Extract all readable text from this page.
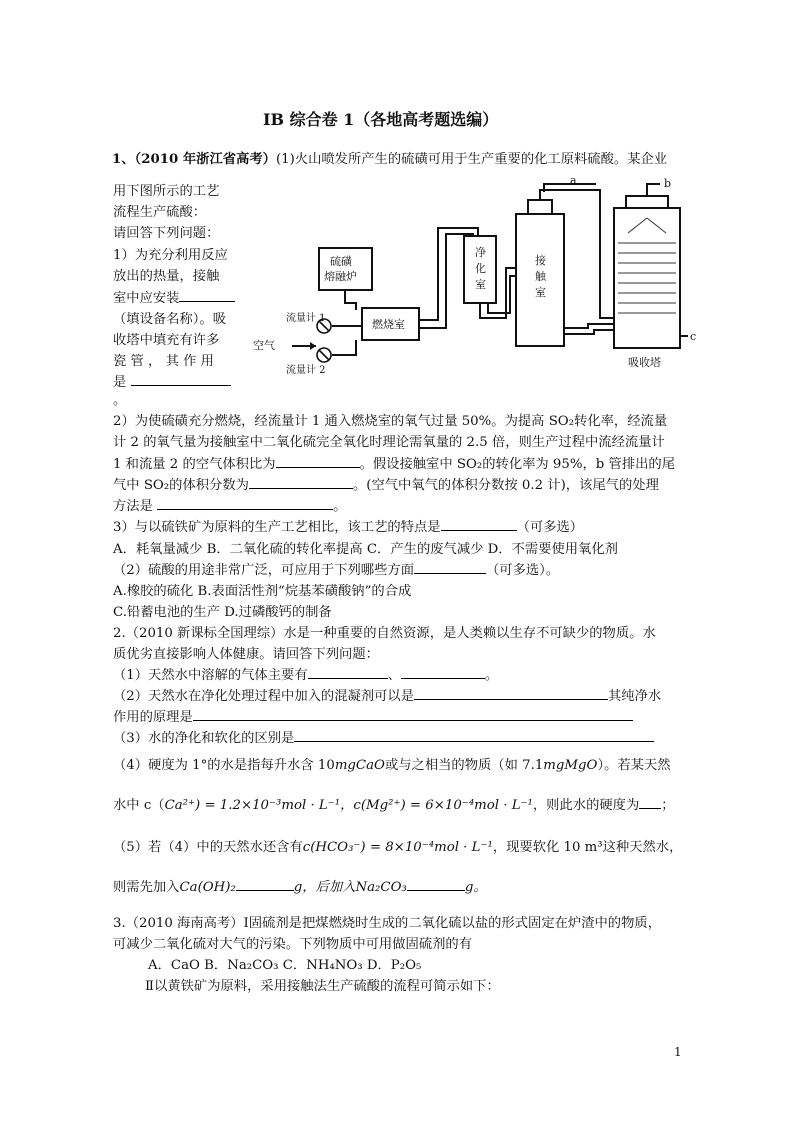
IB 综合卷 1（各地高考题选编）
1、（2010 年浙江省高考）(1)火山喷发所产生的硫磺可用于生产重要的化工原料硫酸。某企业
用下图所示的工艺
流程生产硫酸：
请回答下列问题：
1）为充分利用反应
放出的热量，接触
室中应安装
（填设备名称）。吸
收塔中填充有许多
瓷 管 ， 其 作 用
是
。
硫磺
熔融炉
燃烧室
净
化
室
接
触
室
吸收塔
流量计 1
流量计 2
空气
a	b
c
2）为使硫磺充分燃烧，经流量计 1 通入燃烧室的氧气过量 50%。为提高 SO₂转化率，经流量
计 2 的氧气量为接触室中二氧化硫完全氧化时理论需氧量的 2.5 倍，则生产过程中流经流量计
1 和流量 2 的空气体积比为	。假设接触室中 SO₂的转化率为 95%，b 管排出的尾
气中 SO₂的体积分数为	。(空气中氧气的体积分数按 0.2 计)，该尾气的处理
方法是	。
3）与以硫铁矿为原料的生产工艺相比，该工艺的特点是	（可多选）
A．耗氧量减少 B．二氧化硫的转化率提高 C．产生的废气减少 D．不需要使用氧化剂
（2）硫酸的用途非常广泛，可应用于下列哪些方面	（可多选）。
A.橡胶的硫化 B.表面活性剂“烷基苯磺酸钠”的合成
C.铅蓄电池的生产 D.过磷酸钙的制备
2.（2010 新课标全国理综）水是一种重要的自然资源，是人类赖以生存不可缺少的物质。水
质优劣直接影响人体健康。请回答下列问题：
（1）天然水中溶解的气体主要有	、	。
（2）天然水在净化处理过程中加入的混凝剂可以是	其纯净水
作用的原理是
（3）水的净化和软化的区别是
（4）硬度为 1°的水是指每升水含 10mgCaO或与之相当的物质（如 7.1mgMgO）。若某天然
水中 c（Ca²⁺) = 1.2×10⁻³mol · L⁻¹，c(Mg²⁺) = 6×10⁻⁴mol · L⁻¹，则此水的硬度为 ；
（5）若（4）中的天然水还含有c(HCO₃⁻) = 8×10⁻⁴mol · L⁻¹，现要软化 10 m³这种天然水，
则需先加入Ca(OH)₂	g，后加入Na₂CO₃	g。
3.（2010 海南高考）Ⅰ固硫剂是把煤燃烧时生成的二氧化硫以盐的形式固定在炉渣中的物质，
可减少二氧化硫对大气的污染。下列物质中可用做固硫剂的有
A．CaO B．Na₂CO₃ C．NH₄NO₃ D．P₂O₅
Ⅱ以黄铁矿为原料，采用接触法生产硫酸的流程可简示如下：
1
